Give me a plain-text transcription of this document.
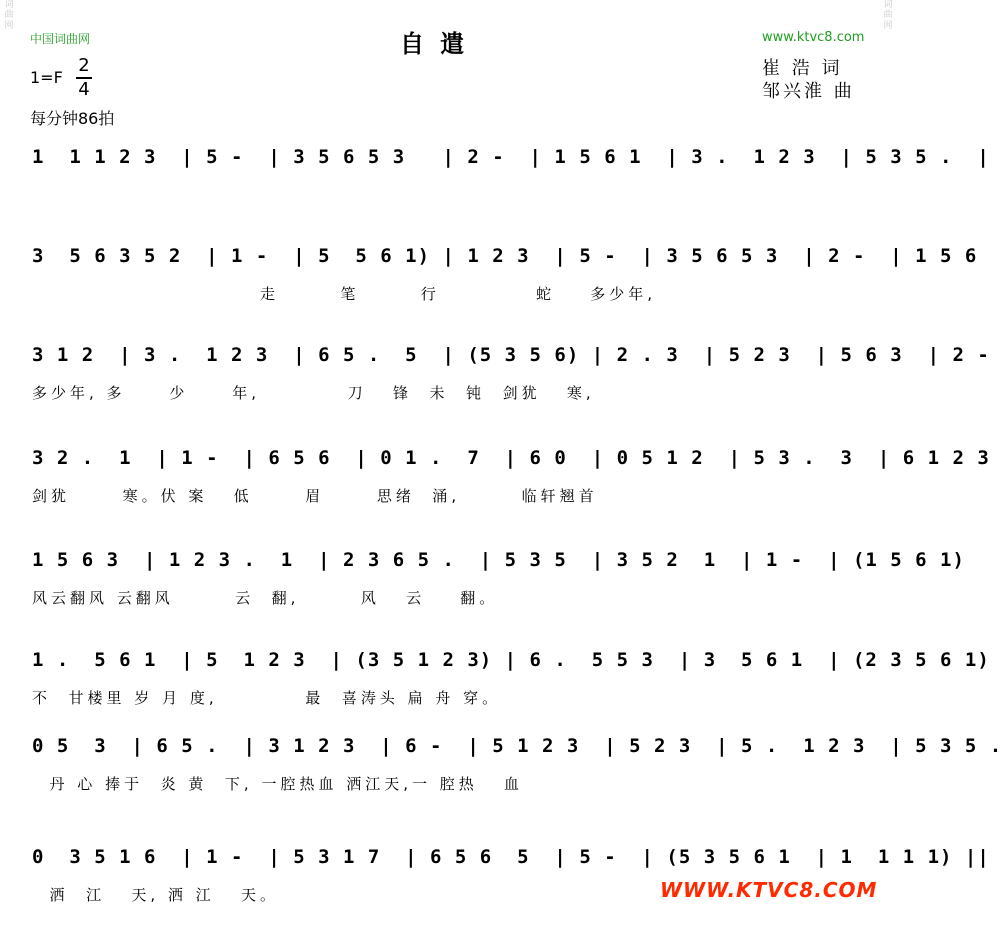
词
曲
网
词
曲
网
中国词曲网	www.ktvc8.com
自遣
1=F
2
4
每分钟86拍
崔 浩 词
邹兴淮 曲
1  1 1 2 3  | 5 -  | 3 5 6 5 3   | 2 -  | 1 5 6 1  | 3 .  1 2 3  | 5 3 5 .  |
3  5 6 3 5 2  | 1 -  | 5  5 6 1) | 1 2 3  | 5 -  | 3 5 6 5 3  | 2 -  | 1 5 6
走       笔       行           蛇    多少年,
3 1 2  | 3 .  1 2 3  | 6 5 .  5  | (5 3 5 6) | 2 . 3  | 5 2 3  | 5 6 3  | 2 -
多少年, 多     少     年,          刀   锋  未  钝  剑犹   寒,
3 2 .  1  | 1 -  | 6 5 6  | 0 1 .  7  | 6 0  | 0 5 1 2  | 5 3 .  3  | 6 1 2 3
剑犹      寒。伏 案   低      眉      思绪  涌,       临轩翘首
1 5 6 3  | 1 2 3 .  1  | 2 3 6 5 .  | 5 3 5  | 3 5 2  1  | 1 -  | (1 5 6 1)
风云翻风 云翻风       云  翻,       风   云    翻。
1 .  5 6 1  | 5  1 2 3  | (3 5 1 2 3) | 6 .  5 5 3  | 3  5 6 1  | (2 3 5 6 1)
不  甘楼里 岁 月 度,          最  喜涛头 扁 舟 穿。
0 5  3  | 6 5 .  | 3 1 2 3  | 6 -  | 5 1 2 3  | 5 2 3  | 5 .  1 2 3  | 5 3 5 .
丹 心 捧于  炎 黄  下, 一腔热血 洒江天,一 腔热   血
0  3 5 1 6  | 1 -  | 5 3 1 7  | 6 5 6  5  | 5 -  | (5 3 5 6 1  | 1  1 1 1) ||
洒  江   天, 洒 江   天。	WWW.KTVC8.COM
